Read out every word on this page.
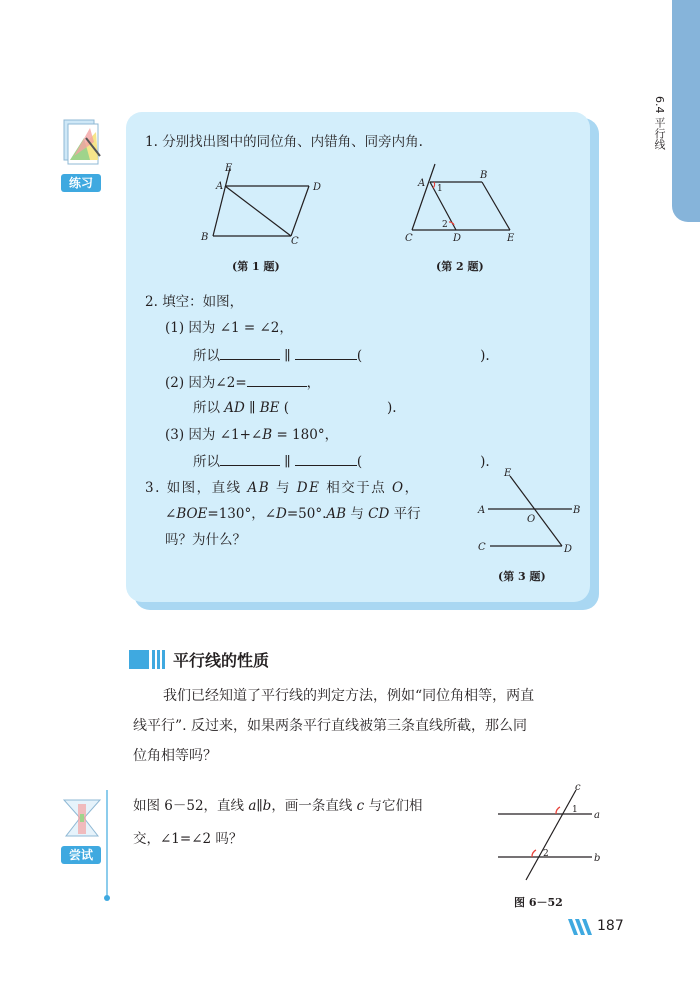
6.4 平行线
练习
1. 分别找出图中的同位角、内错角、同旁内角.
E
A	D
B	C
(第 1 题)
A
B
1
2
C	D	E
(第 2 题)
2. 填空：如图，
(1) 因为 ∠1 = ∠2，
所以	∥	(	).
(2) 因为∠2=	，
所以 AD ∥ BE (	).
(3) 因为 ∠1+∠B = 180°，
所以	∥	(	).
3. 如图，直线 AB 与 DE 相交于点 O，
∠BOE=130°，∠D=50°.AB 与 CD 平行
吗？为什么？
E
A
O
B
C	D
(第 3 题)
平行线的性质
我们已经知道了平行线的判定方法，例如“同位角相等，两直
线平行”. 反过来，如果两条平行直线被第三条直线所截，那么同
位角相等吗？
尝试
如图 6－52，直线 a∥b，画一条直线 c 与它们相
交，∠1=∠2 吗？
c
1 a
2	b
图 6－52
187
